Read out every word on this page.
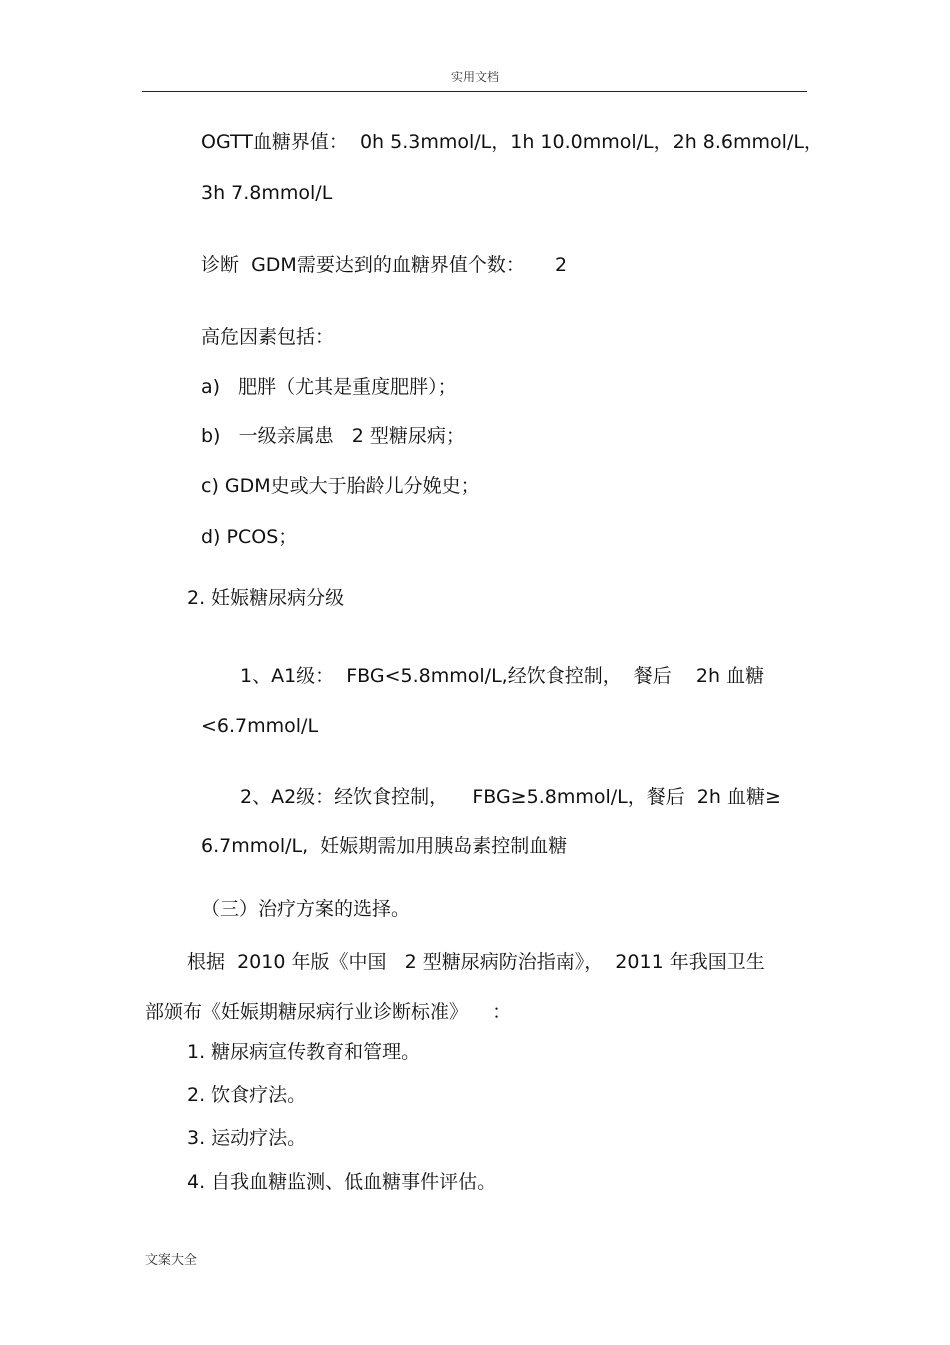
实用文档
OGTT血糖界值：  0h 5.3mmol/L，1h 10.0mmol/L，2h 8.6mmol/L，
3h 7.8mmol/L
诊断  GDM需要达到的血糖界值个数：     2
高危因素包括：
a)   肥胖（尤其是重度肥胖）；
b)   一级亲属患   2 型糖尿病；
c) GDM史或大于胎龄儿分娩史；
d) PCOS；
2. 妊娠糖尿病分级
1、A1级：  FBG<5.8mmol/L,经饮食控制，  餐后    2h 血糖
<6.7mmol/L
2、A2级：经饮食控制，    FBG≥5.8mmol/L，餐后  2h 血糖≥
6.7mmol/L,  妊娠期需加用胰岛素控制血糖
（三）治疗方案的选择。
根据  2010 年版《中国   2 型糖尿病防治指南》，  2011 年我国卫生
部颁布《妊娠期糖尿病行业诊断标准》    ：
1. 糖尿病宣传教育和管理。
2. 饮食疗法。
3. 运动疗法。
4. 自我血糖监测、低血糖事件评估。
文案大全
